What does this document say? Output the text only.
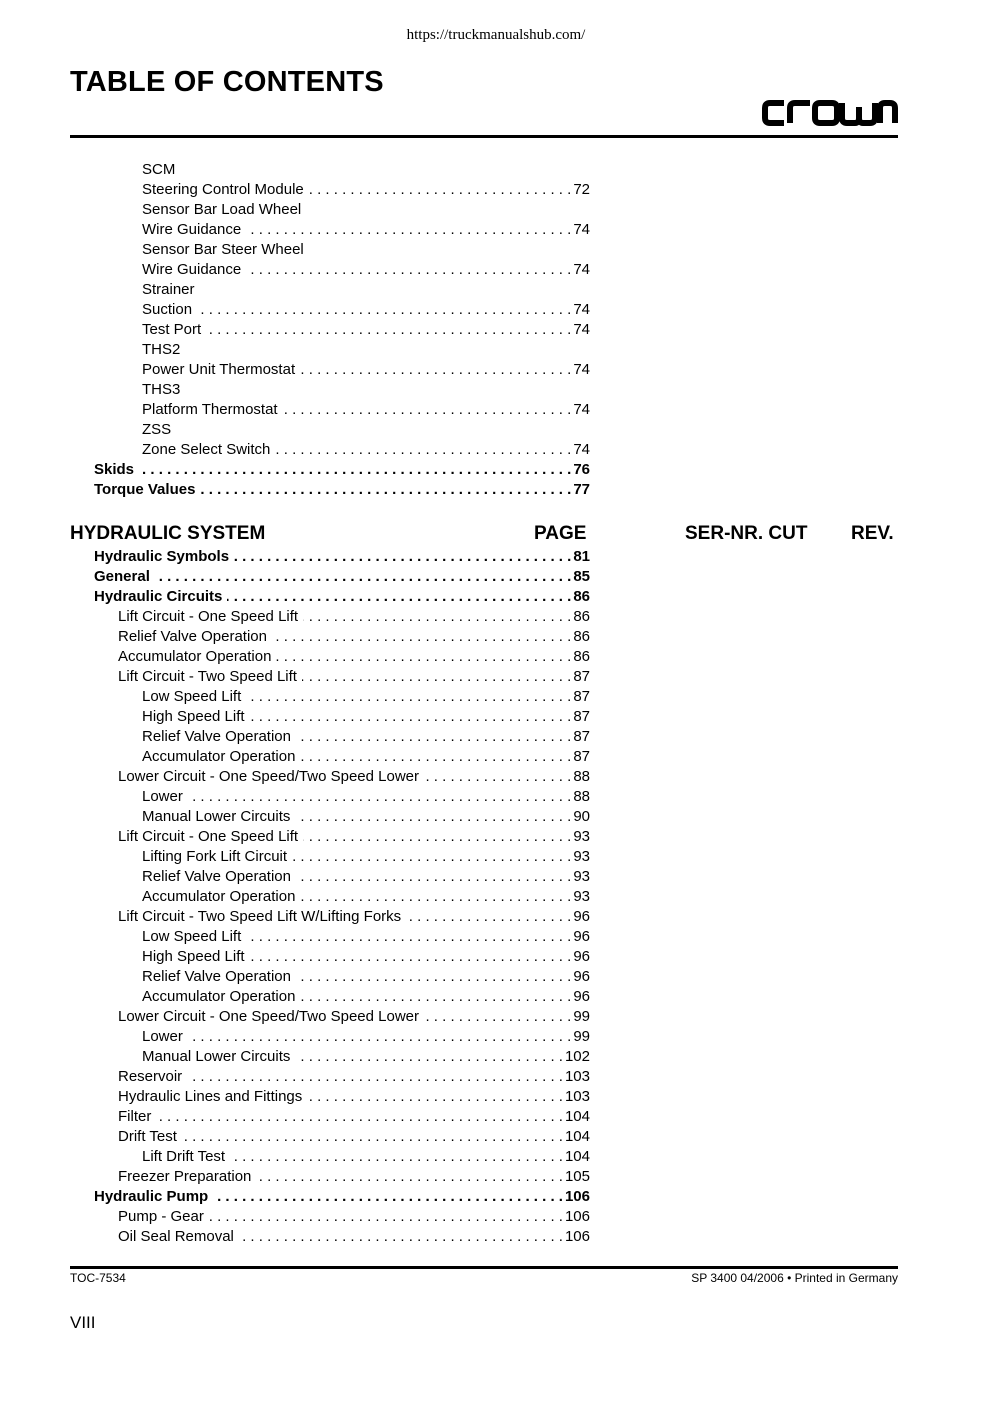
https://truckmanualshub.com/
TABLE OF CONTENTS
SCM
Steering Control Module . . .	72
Sensor Bar Load Wheel
Wire Guidance . . .	74
Sensor Bar Steer Wheel
Wire Guidance . . .	74
Strainer
Suction . . .	74
Test Port . . .	74
THS2
Power Unit Thermostat . . .	74
THS3
Platform Thermostat . . .	74
ZSS
Zone Select Switch . . .	74
Skids . . .	76
Torque Values . . .	77
HYDRAULIC SYSTEM	PAGE	SER-NR. CUT REV.
Hydraulic Symbols . . .	81
General . . .	85
Hydraulic Circuits . . .	86
Lift Circuit - One Speed Lift . . .	86
Relief Valve Operation . . .	86
Accumulator Operation . . .	86
Lift Circuit - Two Speed Lift . . .	87
Low Speed Lift . . .	87
High Speed Lift . . .	87
Relief Valve Operation . . .	87
Accumulator Operation . . .	87
Lower Circuit - One Speed/Two Speed Lower . . .	88
Lower . . .	88
Manual Lower Circuits . . .	90
Lift Circuit - One Speed Lift . . .	93
Lifting Fork Lift Circuit . . .	93
Relief Valve Operation . . .	93
Accumulator Operation . . .	93
Lift Circuit - Two Speed Lift W/Lifting Forks . . .	96
Low Speed Lift . . .	96
High Speed Lift . . .	96
Relief Valve Operation . . .	96
Accumulator Operation . . .	96
Lower Circuit - One Speed/Two Speed Lower . . .	99
Lower . . .	99
Manual Lower Circuits . . .	102
Reservoir . . .	103
Hydraulic Lines and Fittings . . .	103
Filter . . .	104
Drift Test . . .	104
Lift Drift Test . . .	104
Freezer Preparation . . .	105
Hydraulic Pump . . .	106
Pump - Gear . . .	106
Oil Seal Removal . . .	106
TOC-7534	SP 3400 04/2006 • Printed in Germany
VIII
